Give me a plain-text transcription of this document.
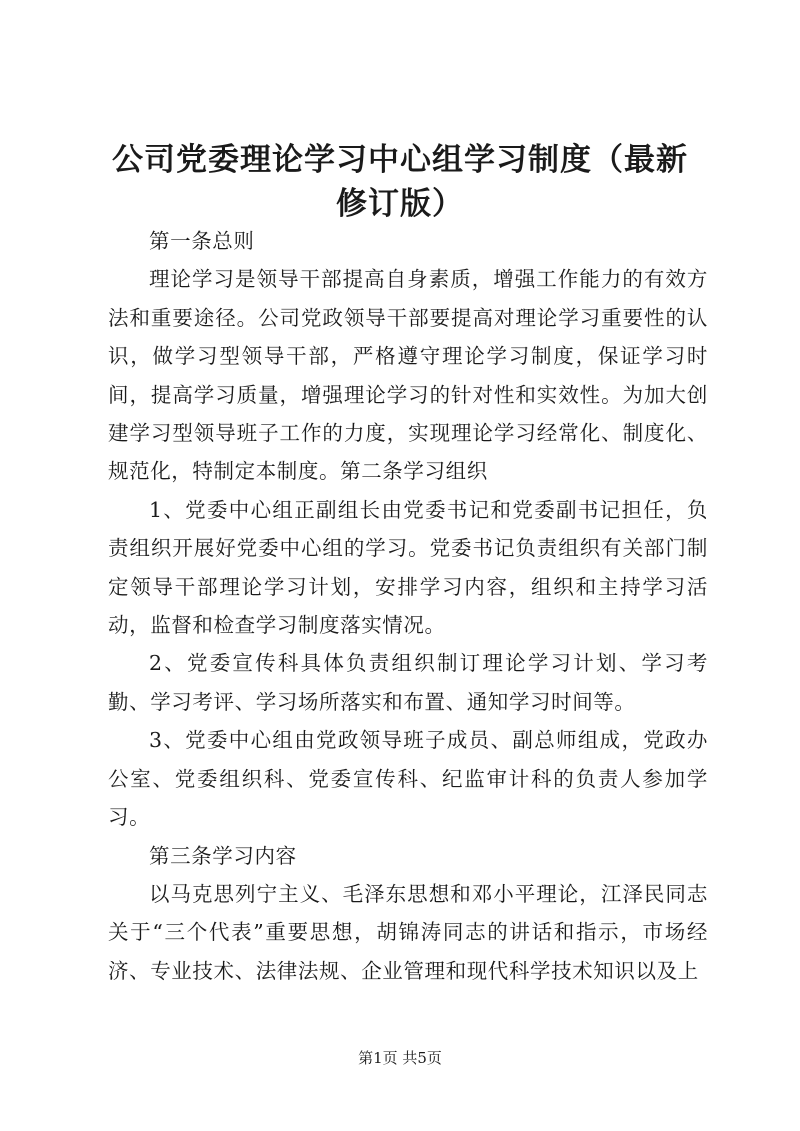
公司党委理论学习中心组学习制度（最新修订版）

第一条总则

理论学习是领导干部提高自身素质，增强工作能力的有效方法和重要途径。公司党政领导干部要提高对理论学习重要性的认识，做学习型领导干部，严格遵守理论学习制度，保证学习时间，提高学习质量，增强理论学习的针对性和实效性。为加大创建学习型领导班子工作的力度，实现理论学习经常化、制度化、规范化，特制定本制度。第二条学习组织

1、党委中心组正副组长由党委书记和党委副书记担任，负责组织开展好党委中心组的学习。党委书记负责组织有关部门制定领导干部理论学习计划，安排学习内容，组织和主持学习活动，监督和检查学习制度落实情况。

2、党委宣传科具体负责组织制订理论学习计划、学习考勤、学习考评、学习场所落实和布置、通知学习时间等。

3、党委中心组由党政领导班子成员、副总师组成，党政办公室、党委组织科、党委宣传科、纪监审计科的负责人参加学习。

第三条学习内容

以马克思列宁主义、毛泽东思想和邓小平理论，江泽民同志关于“三个代表”重要思想，胡锦涛同志的讲话和指示，市场经济、专业技术、法律法规、企业管理和现代科学技术知识以及上

第1页 共5页
